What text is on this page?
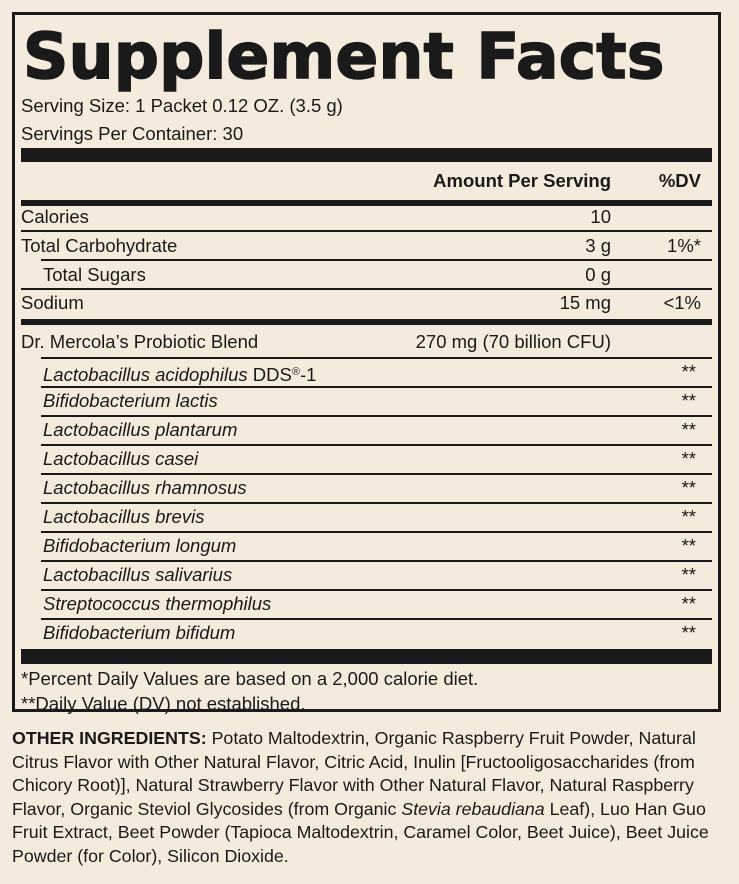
Supplement Facts
Serving Size: 1 Packet 0.12 OZ. (3.5 g)
Servings Per Container: 30
Amount Per Serving	%DV
Calories	10
Total Carbohydrate	3 g	1%*
Total Sugars	0 g
Sodium	15 mg	<1%
Dr. Mercola’s Probiotic Blend	270 mg (70 billion CFU)
Lactobacillus acidophilus DDS®-1	**
Bifidobacterium lactis	**
Lactobacillus plantarum	**
Lactobacillus casei	**
Lactobacillus rhamnosus	**
Lactobacillus brevis	**
Bifidobacterium longum	**
Lactobacillus salivarius	**
Streptococcus thermophilus	**
Bifidobacterium bifidum	**
*Percent Daily Values are based on a 2,000 calorie diet.
**Daily Value (DV) not established.
OTHER INGREDIENTS: Potato Maltodextrin, Organic Raspberry Fruit Powder, Natural Citrus Flavor with Other Natural Flavor, Citric Acid, Inulin [Fructooligosaccharides (from Chicory Root)], Natural Strawberry Flavor with Other Natural Flavor, Natural Raspberry Flavor, Organic Steviol Glycosides (from Organic Stevia rebaudiana Leaf), Luo Han Guo Fruit Extract, Beet Powder (Tapioca Maltodextrin, Caramel Color, Beet Juice), Beet Juice Powder (for Color), Silicon Dioxide.
